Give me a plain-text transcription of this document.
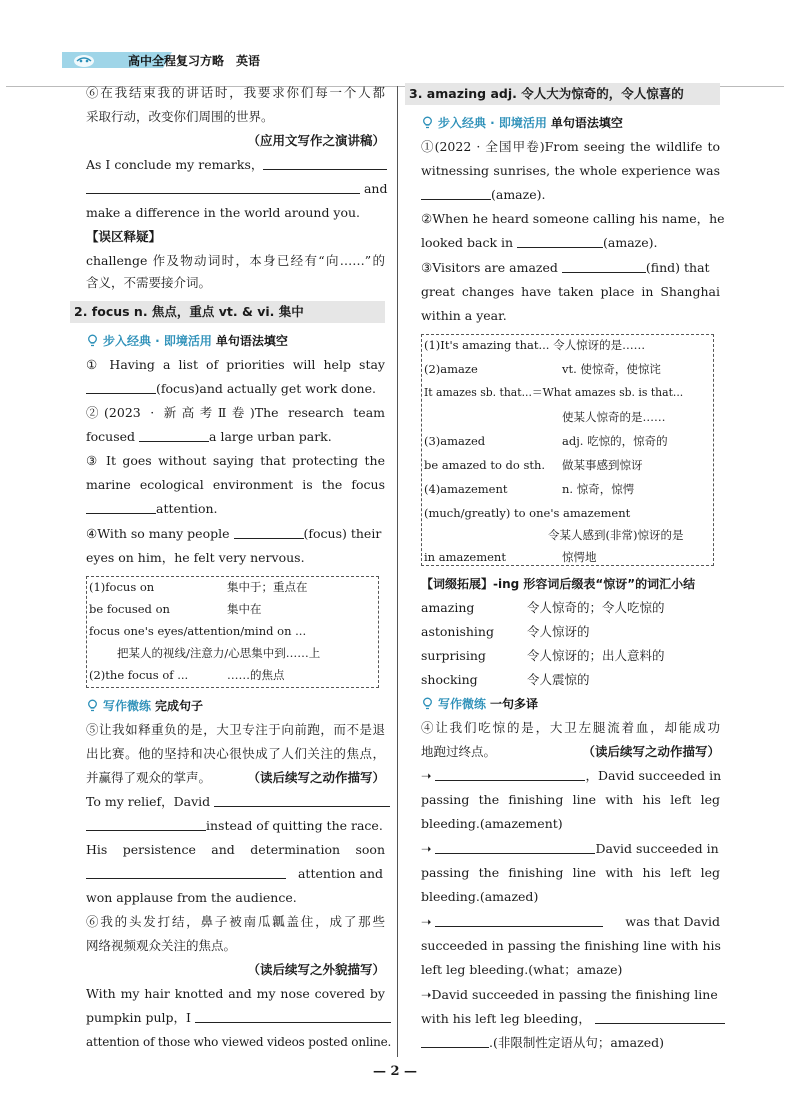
高中全程复习方略 英语
⑥在我结束我的讲话时，我要求你们每一个人都
采取行动，改变你们周围的世界。
（应用文写作之演讲稿）
As I conclude my remarks，
and
make a difference in the world around you.
【误区释疑】
challenge 作及物动词时，本身已经有“向……”的
含义，不需要接介词。
2. focus n. 焦点，重点 vt. & vi. 集中
步入经典 · 即境活用 单句语法填空
① Having a list of priorities will help stay
(focus)and actually get work done.
②(2023 · 新高考Ⅱ卷)The research team
focused	a large urban park.
③ It goes without saying that protecting the
marine ecological environment is the focus
attention.
④With so many people	(focus) their
eyes on him，he felt very nervous.
(1)focus on	集中于；重点在
be focused on	集中在
focus one's eyes/attention/mind on ...
把某人的视线/注意力/心思集中到……上
(2)the focus of ...	……的焦点
写作微练 完成句子
⑤让我如释重负的是，大卫专注于向前跑，而不是退
出比赛。他的坚持和决心很快成了人们关注的焦点，
并赢得了观众的掌声。	（读后续写之动作描写）
To my relief，David
instead of quitting the race.
His persistence and determination soon
attention and
won applause from the audience.
⑥我的头发打结，鼻子被南瓜瓤盖住，成了那些
网络视频观众关注的焦点。
（读后续写之外貌描写）
With my hair knotted and my nose covered by
pumpkin pulp，I
attention of those who viewed videos posted online.
3. amazing adj. 令人大为惊奇的，令人惊喜的
步入经典 · 即境活用 单句语法填空
①(2022 · 全国甲卷)From seeing the wildlife to
witnessing sunrises, the whole experience was
(amaze).
②When he heard someone calling his name，he
looked back in	(amaze).
③Visitors are amazed	(find) that
great changes have taken place in Shanghai
within a year.
(1)It's amazing that... 令人惊讶的是……
(2)amaze	vt. 使惊奇，使惊诧
It amazes sb. that...＝What amazes sb. is that...
使某人惊奇的是……
(3)amazed	adj. 吃惊的，惊奇的
be amazed to do sth. 做某事感到惊讶
(4)amazement	n. 惊奇，惊愕
(much/greatly) to one's amazement
令某人感到(非常)惊讶的是
in amazement	惊愕地
【词缀拓展】-ing 形容词后缀表“惊讶”的词汇小结
amazing	令人惊奇的；令人吃惊的
astonishing	令人惊讶的
surprising	令人惊讶的；出人意料的
shocking	令人震惊的
写作微练 一句多译
④让我们吃惊的是，大卫左腿流着血，却能成功
地跑过终点。	（读后续写之动作描写）
➝	，David succeeded in
passing the finishing line with his left leg
bleeding.(amazement)
➝	David succeeded in
passing the finishing line with his left leg
bleeding.(amazed)
➝	was that David
succeeded in passing the finishing line with his
left leg bleeding.(what；amaze)
➝David succeeded in passing the finishing line
with his left leg bleeding，
.(非限制性定语从句；amazed)
— 2 —
